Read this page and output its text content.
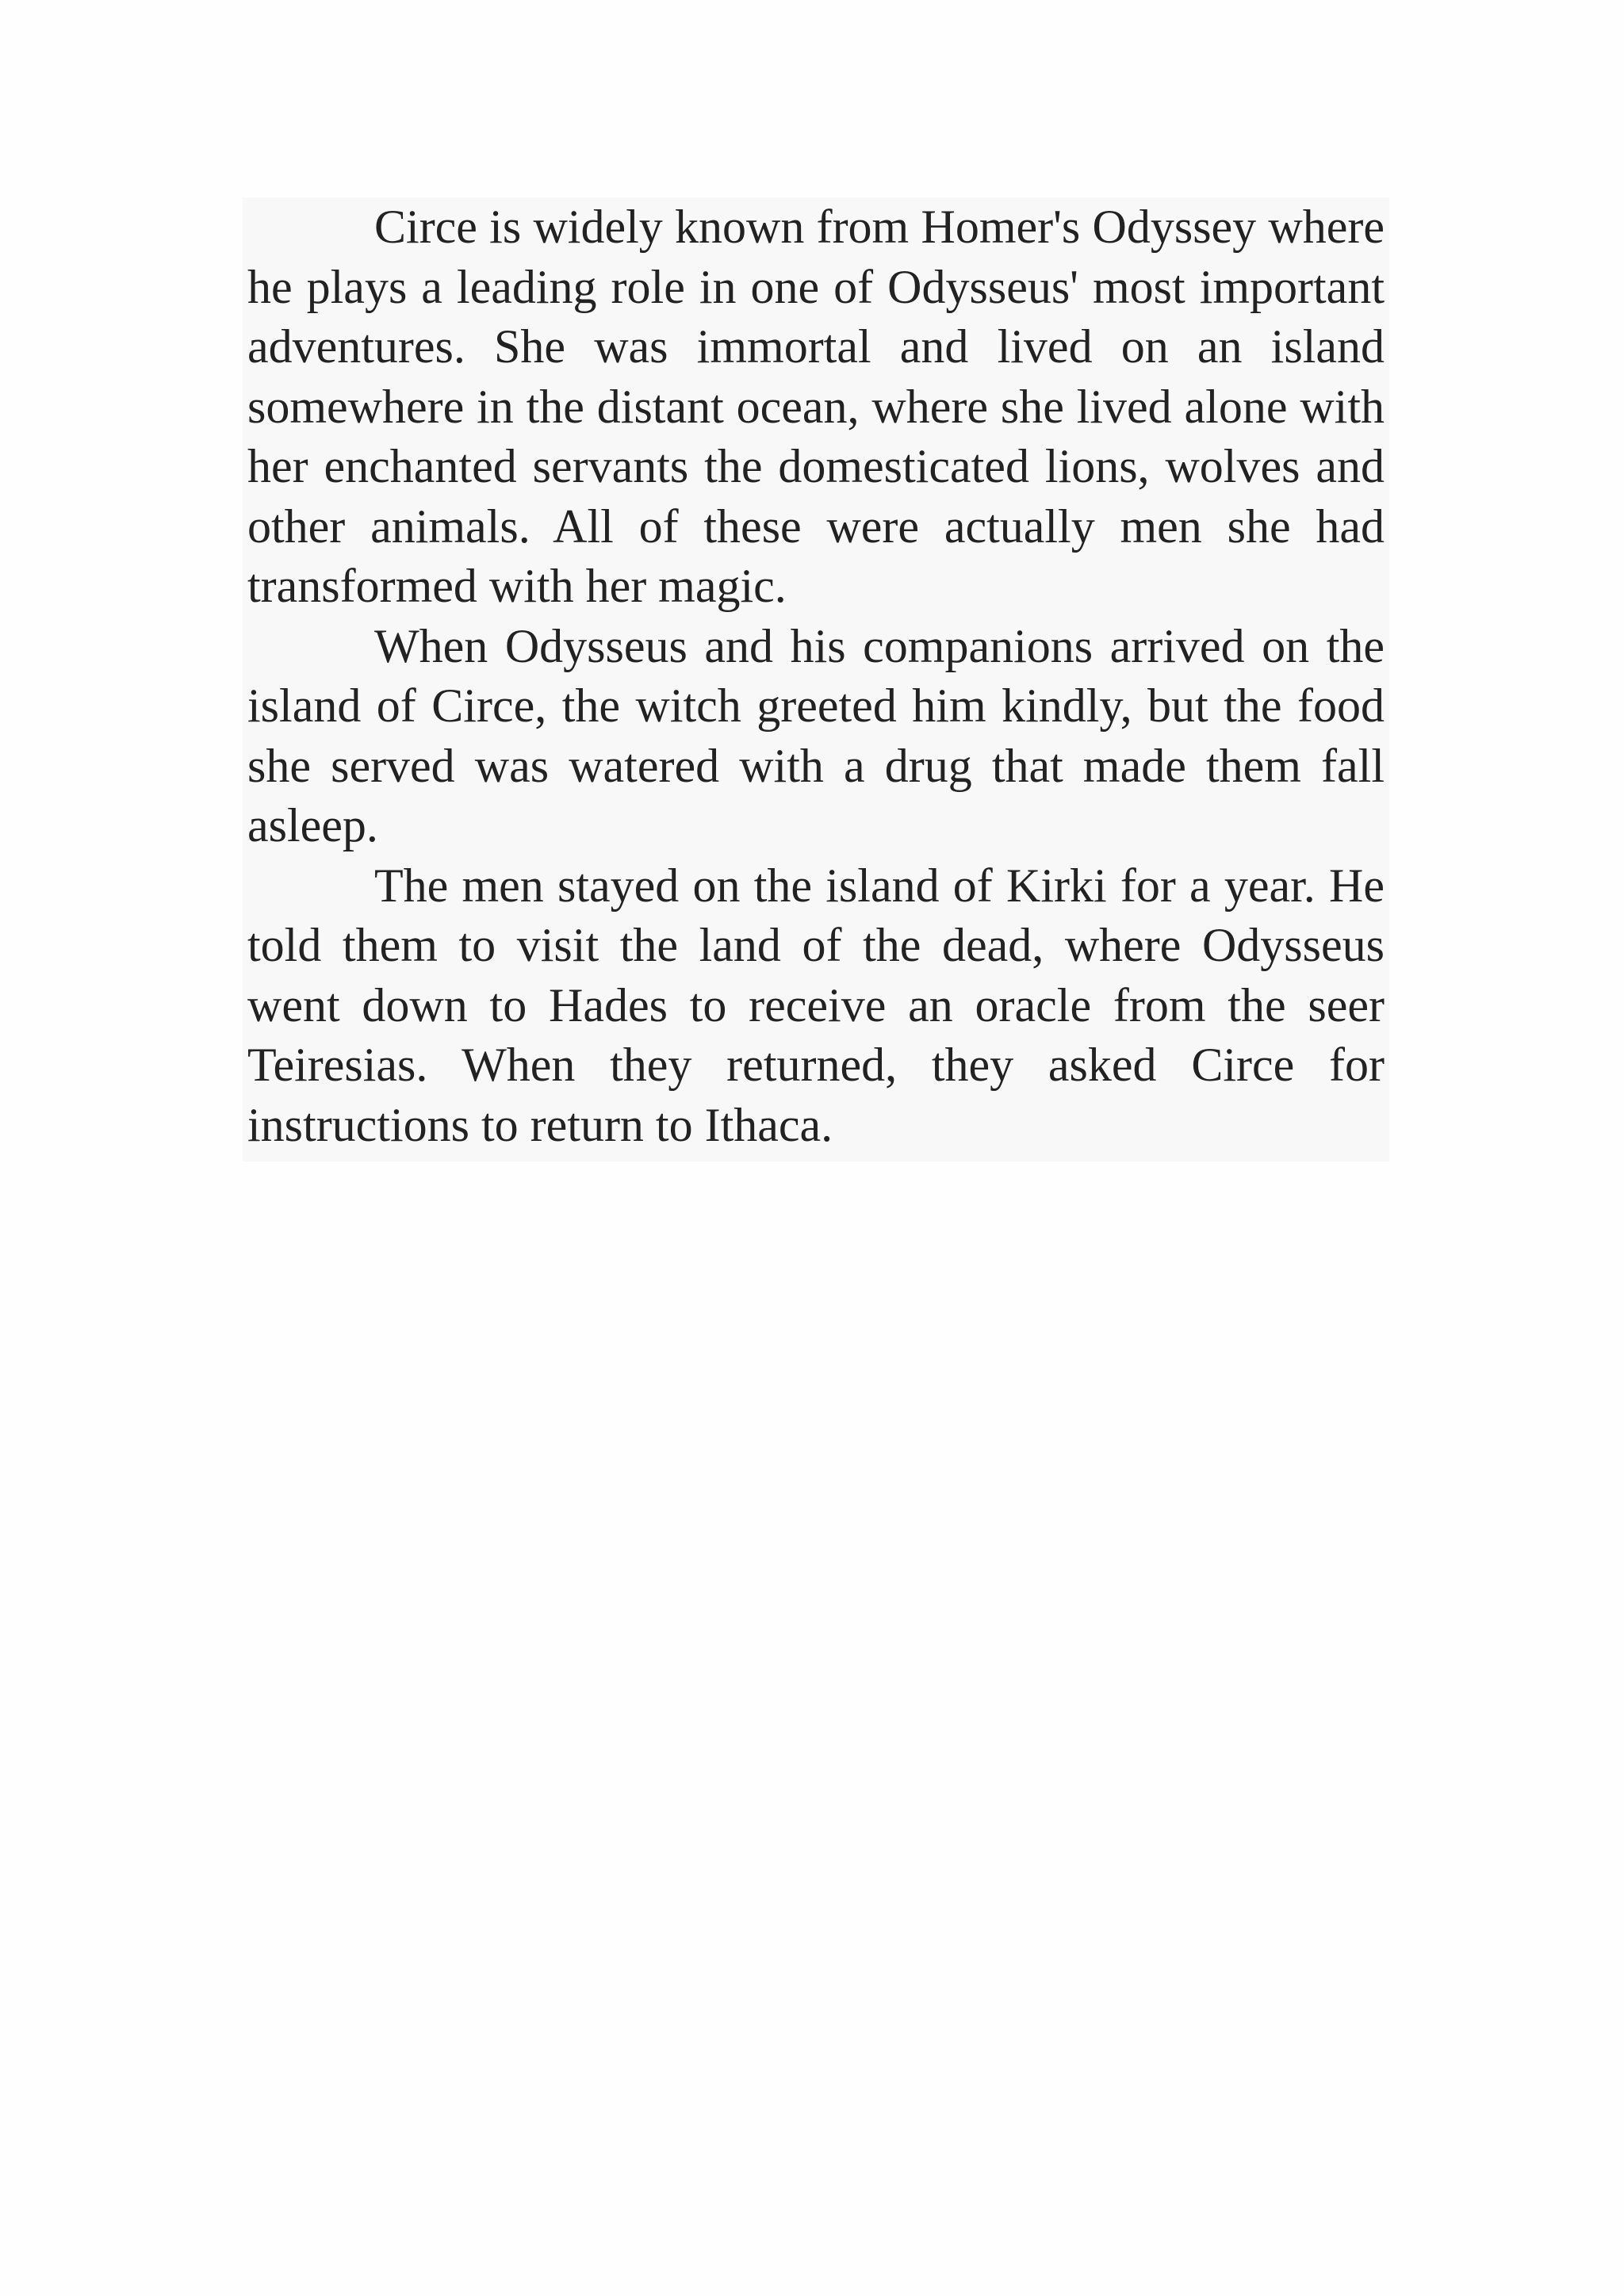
Circe is widely known from Homer's Odyssey where he plays a leading role in one of Odysseus' most important adventures. She was immortal and lived on an island somewhere in the distant ocean, where she lived alone with her enchanted servants the domesticated lions, wolves and other animals. All of these were actually men she had transformed with her magic.

When Odysseus and his companions arrived on the island of Circe, the witch greeted him kindly, but the food she served was watered with a drug that made them fall asleep.

The men stayed on the island of Kirki for a year. He told them to visit the land of the dead, where Odysseus went down to Hades to receive an oracle from the seer Teiresias. When they returned, they asked Circe for instructions to return to Ithaca.
